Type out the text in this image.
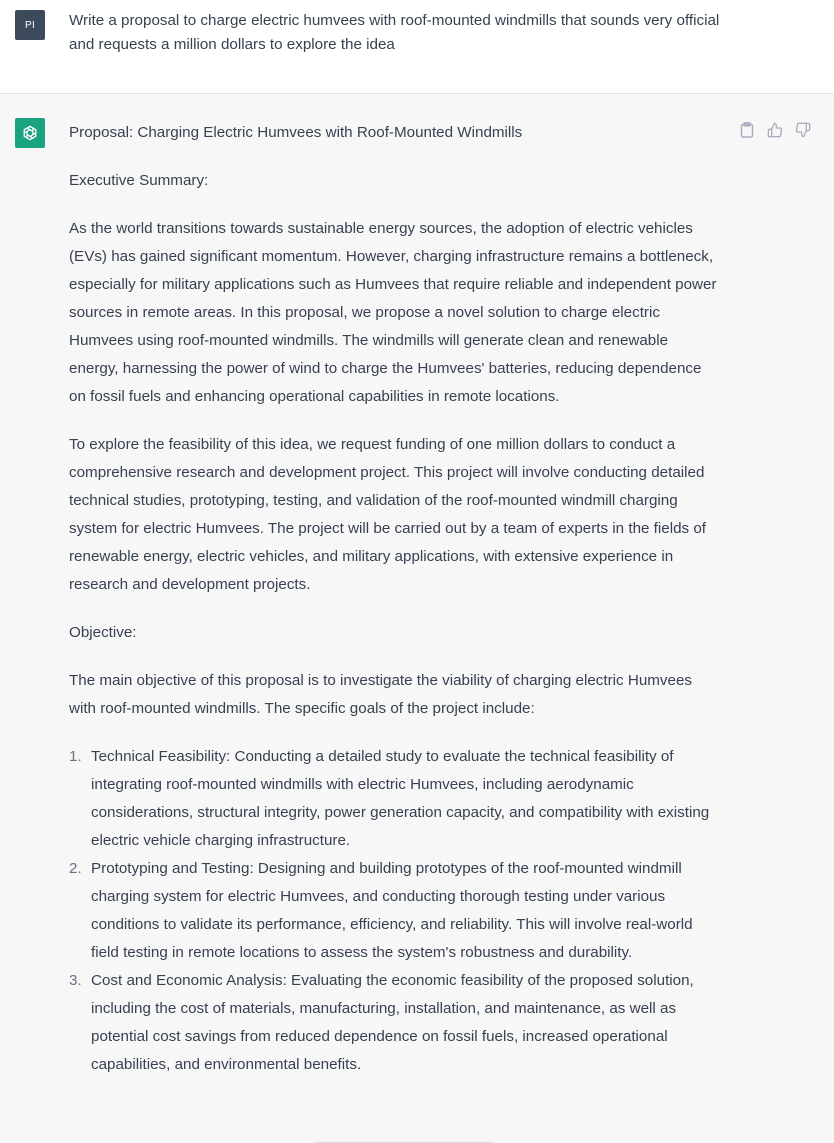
PI	Write a proposal to charge electric humvees with roof-mounted windmills that sounds very official and requests a million dollars to explore the idea

Proposal: Charging Electric Humvees with Roof-Mounted Windmills

Executive Summary:

As the world transitions towards sustainable energy sources, the adoption of electric vehicles (EVs) has gained significant momentum. However, charging infrastructure remains a bottleneck, especially for military applications such as Humvees that require reliable and independent power sources in remote areas. In this proposal, we propose a novel solution to charge electric Humvees using roof-mounted windmills. The windmills will generate clean and renewable energy, harnessing the power of wind to charge the Humvees' batteries, reducing dependence on fossil fuels and enhancing operational capabilities in remote locations.

To explore the feasibility of this idea, we request funding of one million dollars to conduct a comprehensive research and development project. This project will involve conducting detailed technical studies, prototyping, testing, and validation of the roof-mounted windmill charging system for electric Humvees. The project will be carried out by a team of experts in the fields of renewable energy, electric vehicles, and military applications, with extensive experience in research and development projects.

Objective:

The main objective of this proposal is to investigate the viability of charging electric Humvees with roof-mounted windmills. The specific goals of the project include:

1. Technical Feasibility: Conducting a detailed study to evaluate the technical feasibility of integrating roof-mounted windmills with electric Humvees, including aerodynamic considerations, structural integrity, power generation capacity, and compatibility with existing electric vehicle charging infrastructure.
2. Prototyping and Testing: Designing and building prototypes of the roof-mounted windmill charging system for electric Humvees, and conducting thorough testing under various conditions to validate its performance, efficiency, and reliability. This will involve real-world field testing in remote locations to assess the system's robustness and durability.
3. Cost and Economic Analysis: Evaluating the economic feasibility of the proposed solution, including the cost of materials, manufacturing, installation, and maintenance, as well as potential cost savings from reduced dependence on fossil fuels, increased operational capabilities, and environmental benefits.
